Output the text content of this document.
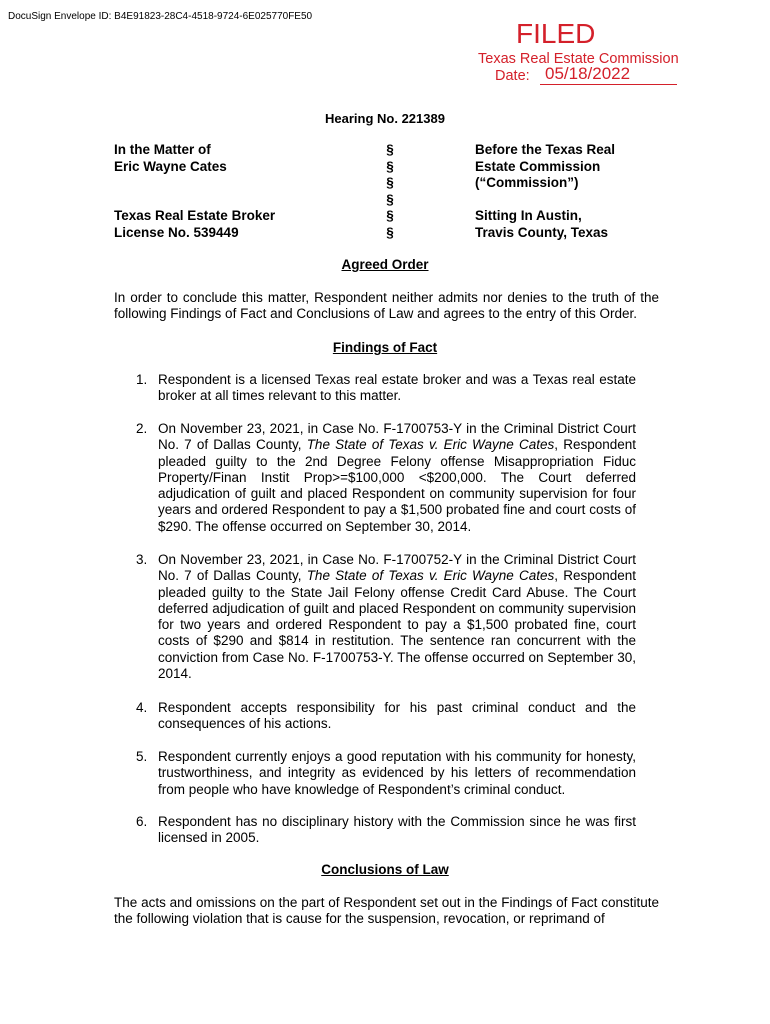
DocuSign Envelope ID: B4E91823-28C4-4518-9724-6E025770FE50
FILED
Texas Real Estate Commission
Date: 05/18/2022
Hearing No. 221389
In the Matter of
Eric Wayne Cates
Texas Real Estate Broker
License No. 539449
§
§
§
§
§
§
Before the Texas Real
Estate Commission
(“Commission”)
Sitting In Austin,
Travis County, Texas
Agreed Order
In order to conclude this matter, Respondent neither admits nor denies to the truth of the following Findings of Fact and Conclusions of Law and agrees to the entry of this Order.
Findings of Fact
1. Respondent is a licensed Texas real estate broker and was a Texas real estate broker at all times relevant to this matter.
2. On November 23, 2021, in Case No. F-1700753-Y in the Criminal District Court No. 7 of Dallas County, The State of Texas v. Eric Wayne Cates, Respondent pleaded guilty to the 2nd Degree Felony offense Misappropriation Fiduc Property/Finan Instit Prop>=$100,000 <$200,000. The Court deferred adjudication of guilt and placed Respondent on community supervision for four years and ordered Respondent to pay a $1,500 probated fine and court costs of $290. The offense occurred on September 30, 2014.
3. On November 23, 2021, in Case No. F-1700752-Y in the Criminal District Court No. 7 of Dallas County, The State of Texas v. Eric Wayne Cates, Respondent pleaded guilty to the State Jail Felony offense Credit Card Abuse. The Court deferred adjudication of guilt and placed Respondent on community supervision for two years and ordered Respondent to pay a $1,500 probated fine, court costs of $290 and $814 in restitution. The sentence ran concurrent with the conviction from Case No. F-1700753-Y. The offense occurred on September 30, 2014.
4. Respondent accepts responsibility for his past criminal conduct and the consequences of his actions.
5. Respondent currently enjoys a good reputation with his community for honesty, trustworthiness, and integrity as evidenced by his letters of recommendation from people who have knowledge of Respondent’s criminal conduct.
6. Respondent has no disciplinary history with the Commission since he was first licensed in 2005.
Conclusions of Law
The acts and omissions on the part of Respondent set out in the Findings of Fact constitute the following violation that is cause for the suspension, revocation, or reprimand of
